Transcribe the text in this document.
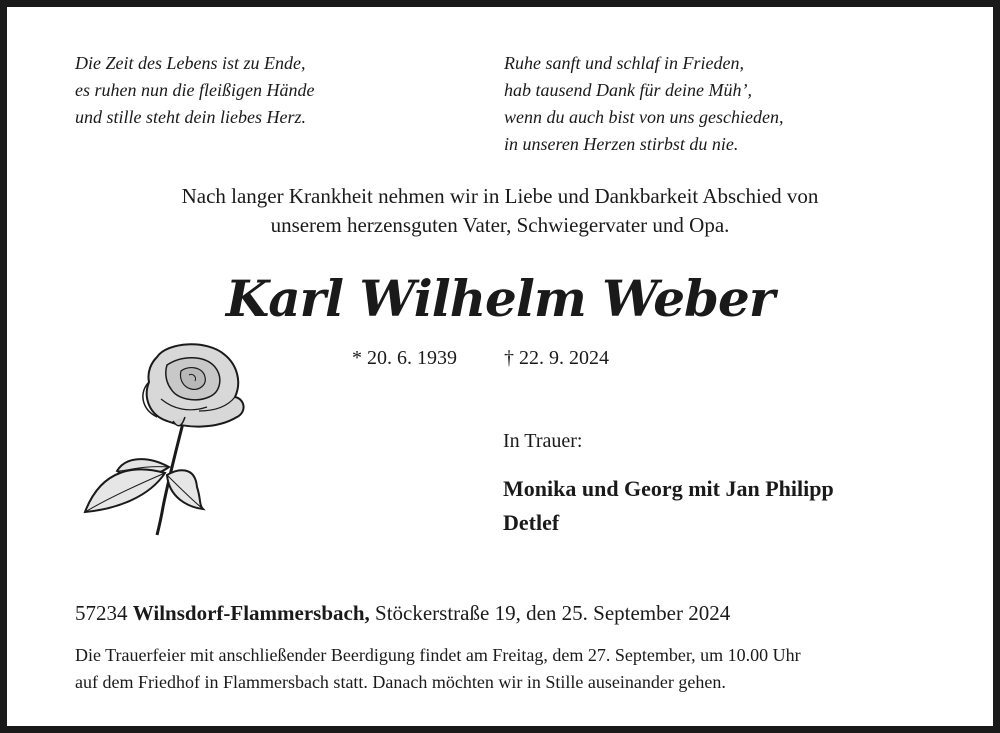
Die Zeit des Lebens ist zu Ende,
es ruhen nun die fleißigen Hände
und stille steht dein liebes Herz.
Ruhe sanft und schlaf in Frieden,
hab tausend Dank für deine Müh’,
wenn du auch bist von uns geschieden,
in unseren Herzen stirbst du nie.
Nach langer Krankheit nehmen wir in Liebe und Dankbarkeit Abschied von
unserem herzensguten Vater, Schwiegervater und Opa.
Karl Wilhelm Weber
* 20. 6. 1939 † 22. 9. 2024
In Trauer:
Monika und Georg mit Jan Philipp
Detlef
57234 Wilnsdorf-Flammersbach, Stöckerstraße 19, den 25. September 2024
Die Trauerfeier mit anschließender Beerdigung findet am Freitag, dem 27. September, um 10.00 Uhr
auf dem Friedhof in Flammersbach statt. Danach möchten wir in Stille auseinander gehen.
